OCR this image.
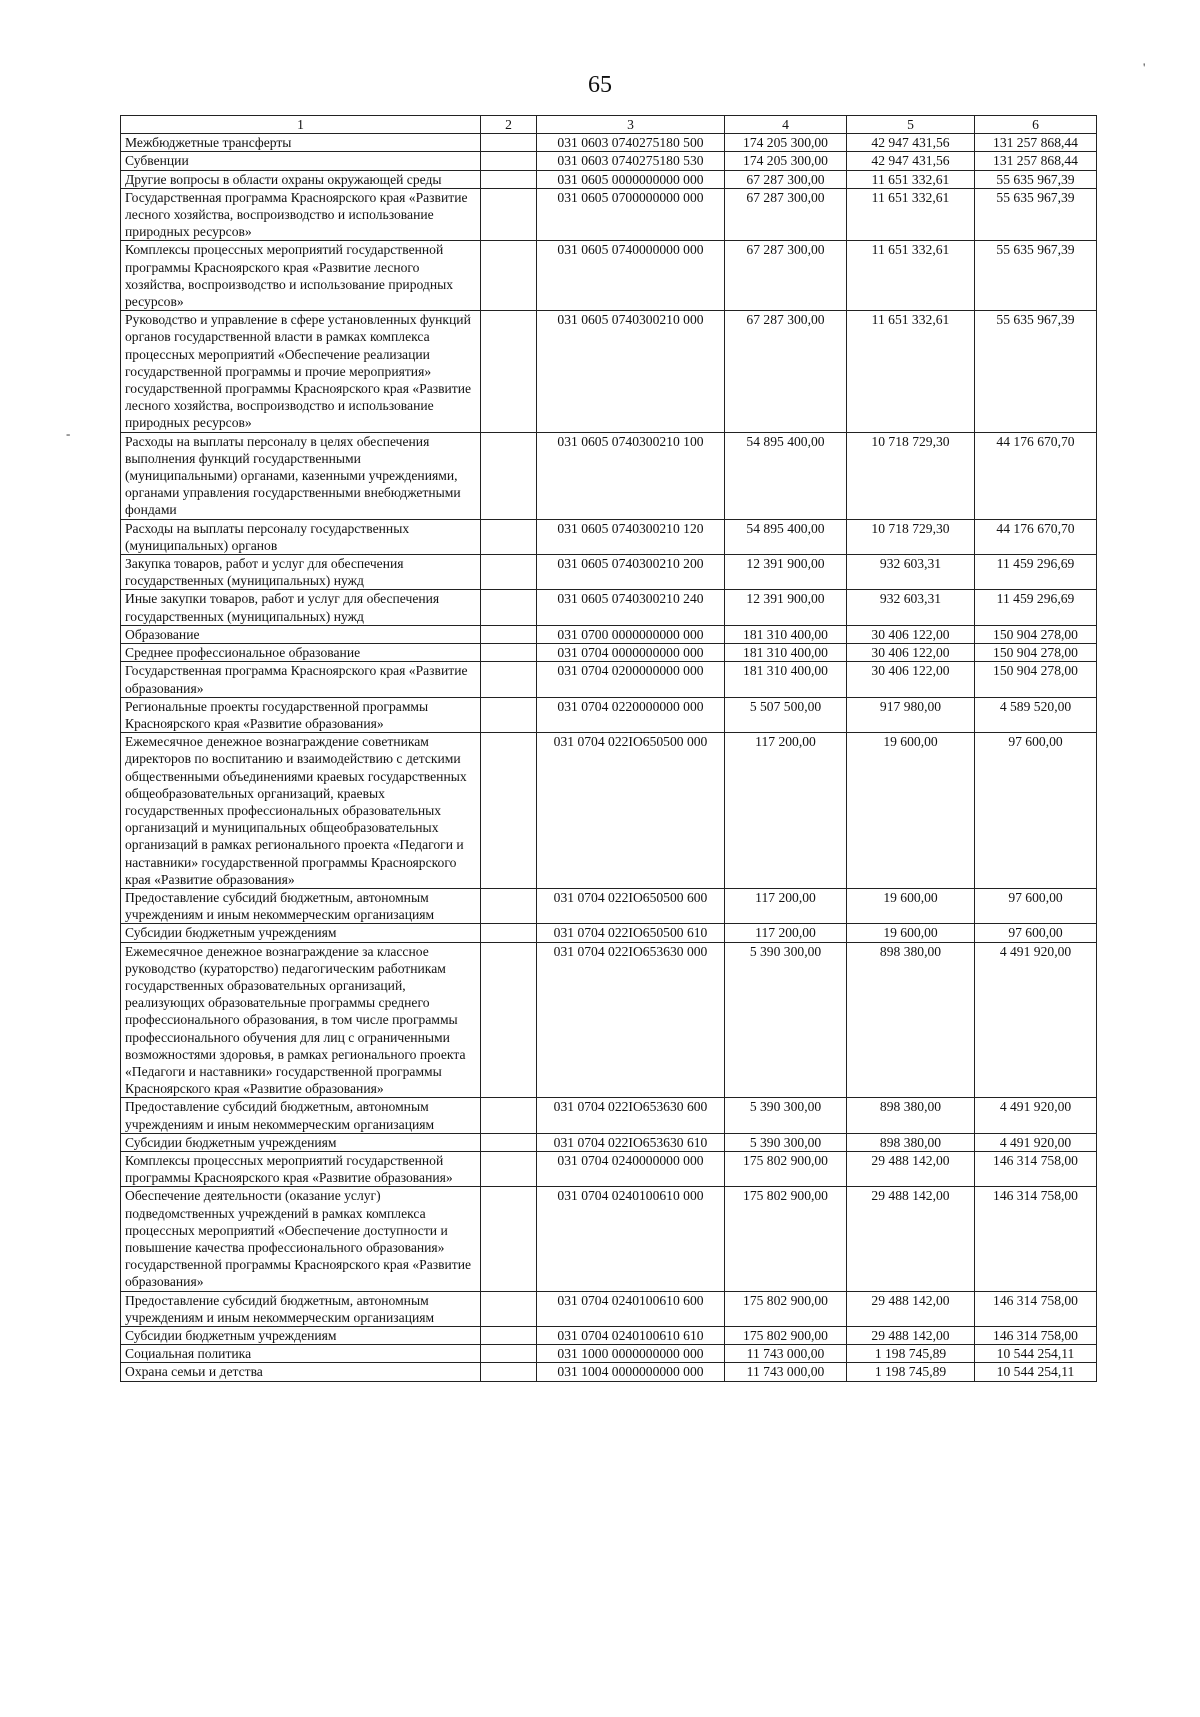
65
1	2	3	4	5	6
Межбюджетные трансферты		031 0603 0740275180 500	174 205 300,00	42 947 431,56	131 257 868,44
Субвенции		031 0603 0740275180 530	174 205 300,00	42 947 431,56	131 257 868,44
Другие вопросы в области охраны окружающей среды		031 0605 0000000000 000	67 287 300,00	11 651 332,61	55 635 967,39
Государственная программа Красноярского края «Развитие лесного хозяйства, воспроизводство и использование природных ресурсов»		031 0605 0700000000 000	67 287 300,00	11 651 332,61	55 635 967,39
Комплексы процессных мероприятий государственной программы Красноярского края «Развитие лесного хозяйства, воспроизводство и использование природных ресурсов»		031 0605 0740000000 000	67 287 300,00	11 651 332,61	55 635 967,39
Руководство и управление в сфере установленных функций органов государственной власти в рамках комплекса процессных мероприятий «Обеспечение реализации государственной программы и прочие мероприятия» государственной программы Красноярского края «Развитие лесного хозяйства, воспроизводство и использование природных ресурсов»		031 0605 0740300210 000	67 287 300,00	11 651 332,61	55 635 967,39
Расходы на выплаты персоналу в целях обеспечения выполнения функций государственными (муниципальными) органами, казенными учреждениями, органами управления государственными внебюджетными фондами		031 0605 0740300210 100	54 895 400,00	10 718 729,30	44 176 670,70
Расходы на выплаты персоналу государственных (муниципальных) органов		031 0605 0740300210 120	54 895 400,00	10 718 729,30	44 176 670,70
Закупка товаров, работ и услуг для обеспечения государственных (муниципальных) нужд		031 0605 0740300210 200	12 391 900,00	932 603,31	11 459 296,69
Иные закупки товаров, работ и услуг для обеспечения государственных (муниципальных) нужд		031 0605 0740300210 240	12 391 900,00	932 603,31	11 459 296,69
Образование		031 0700 0000000000 000	181 310 400,00	30 406 122,00	150 904 278,00
Среднее профессиональное образование		031 0704 0000000000 000	181 310 400,00	30 406 122,00	150 904 278,00
Государственная программа Красноярского края «Развитие образования»		031 0704 0200000000 000	181 310 400,00	30 406 122,00	150 904 278,00
Региональные проекты государственной программы Красноярского края «Развитие образования»		031 0704 0220000000 000	5 507 500,00	917 980,00	4 589 520,00
Ежемесячное денежное вознаграждение советникам директоров по воспитанию и взаимодействию с детскими общественными объединениями краевых государственных общеобразовательных организаций, краевых государственных профессиональных образовательных организаций и муниципальных общеобразовательных организаций в рамках регионального проекта «Педагоги и наставники» государственной программы Красноярского края «Развитие образования»		031 0704 022IO650500 000	117 200,00	19 600,00	97 600,00
Предоставление субсидий бюджетным, автономным учреждениям и иным некоммерческим организациям		031 0704 022IO650500 600	117 200,00	19 600,00	97 600,00
Субсидии бюджетным учреждениям		031 0704 022IO650500 610	117 200,00	19 600,00	97 600,00
Ежемесячное денежное вознаграждение за классное руководство (кураторство) педагогическим работникам государственных образовательных организаций, реализующих образовательные программы среднего профессионального образования, в том числе программы профессионального обучения для лиц с ограниченными возможностями здоровья, в рамках регионального проекта «Педагоги и наставники» государственной программы Красноярского края «Развитие образования»		031 0704 022IO653630 000	5 390 300,00	898 380,00	4 491 920,00
Предоставление субсидий бюджетным, автономным учреждениям и иным некоммерческим организациям		031 0704 022IO653630 600	5 390 300,00	898 380,00	4 491 920,00
Субсидии бюджетным учреждениям		031 0704 022IO653630 610	5 390 300,00	898 380,00	4 491 920,00
Комплексы процессных мероприятий государственной программы Красноярского края «Развитие образования»		031 0704 0240000000 000	175 802 900,00	29 488 142,00	146 314 758,00
Обеспечение деятельности (оказание услуг) подведомственных учреждений в рамках комплекса процессных мероприятий «Обеспечение доступности и повышение качества профессионального образования» государственной программы Красноярского края «Развитие образования»		031 0704 0240100610 000	175 802 900,00	29 488 142,00	146 314 758,00
Предоставление субсидий бюджетным, автономным учреждениям и иным некоммерческим организациям		031 0704 0240100610 600	175 802 900,00	29 488 142,00	146 314 758,00
Субсидии бюджетным учреждениям		031 0704 0240100610 610	175 802 900,00	29 488 142,00	146 314 758,00
Социальная политика		031 1000 0000000000 000	11 743 000,00	1 198 745,89	10 544 254,11
Охрана семьи и детства		031 1004 0000000000 000	11 743 000,00	1 198 745,89	10 544 254,11
'
-
